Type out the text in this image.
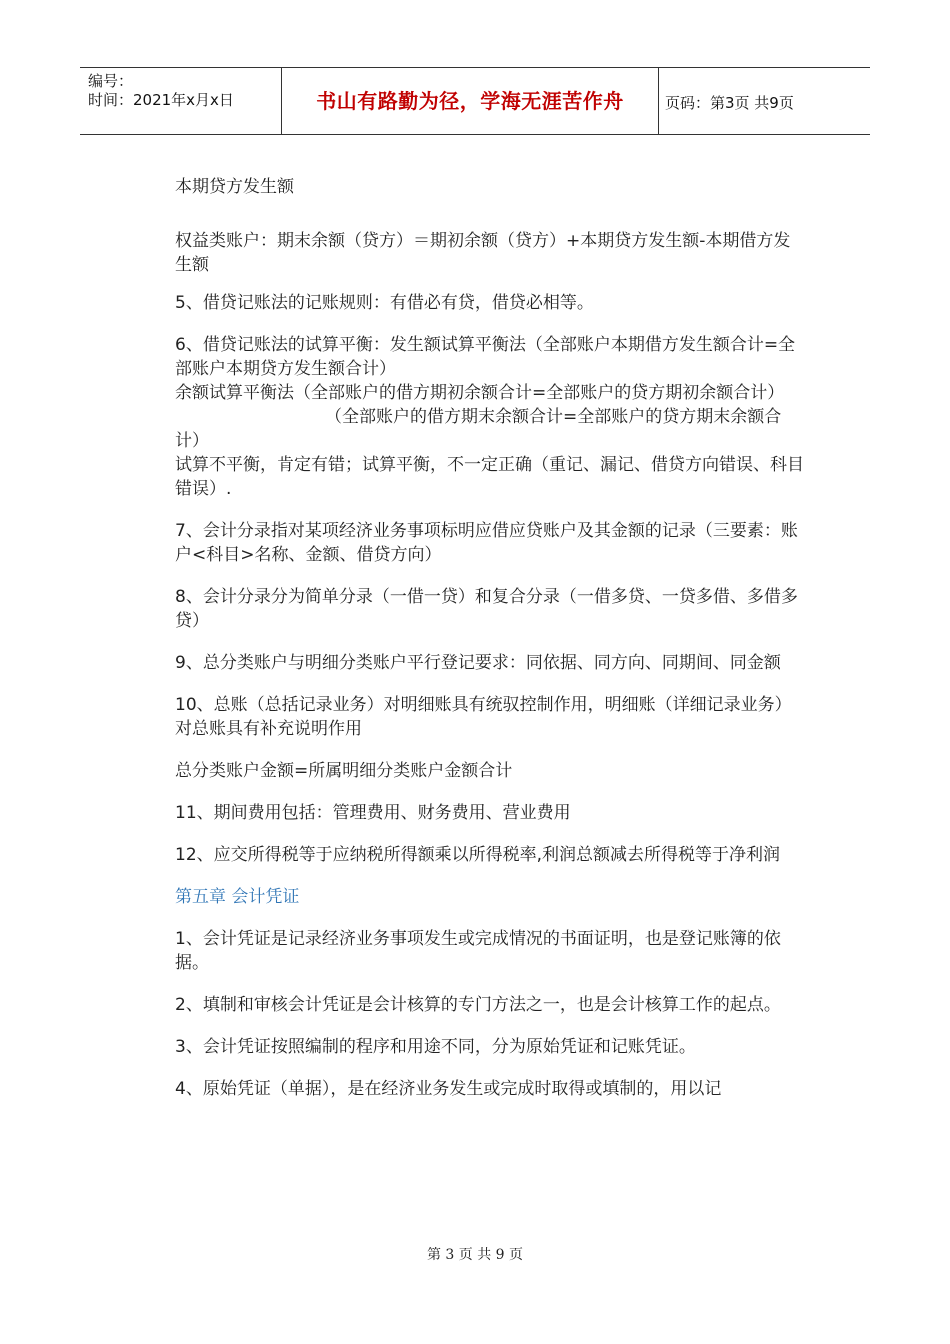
编号：
时间：2021年x月x日	书山有路勤为径，学海无涯苦作舟	页码：第3页 共9页

本期贷方发生额

权益类账户：期末余额（贷方）＝期初余额（贷方）+本期贷方发生额-本期借方发生额

5、借贷记账法的记账规则：有借必有贷，借贷必相等。

6、借贷记账法的试算平衡：发生额试算平衡法（全部账户本期借方发生额合计=全部账户本期贷方发生额合计）

余额试算平衡法（全部账户的借方期初余额合计=全部账户的贷方期初余额合计）

（全部账户的借方期末余额合计=全部账户的贷方期末余额合计）

试算不平衡，肯定有错；试算平衡，不一定正确（重记、漏记、借贷方向错误、科目错误）.

7、会计分录指对某项经济业务事项标明应借应贷账户及其金额的记录（三要素：账户<科目>名称、金额、借贷方向）

8、会计分录分为简单分录（一借一贷）和复合分录（一借多贷、一贷多借、多借多贷）

9、总分类账户与明细分类账户平行登记要求：同依据、同方向、同期间、同金额

10、总账（总括记录业务）对明细账具有统驭控制作用，明细账（详细记录业务）对总账具有补充说明作用

总分类账户金额=所属明细分类账户金额合计

11、期间费用包括：管理费用、财务费用、营业费用

12、应交所得税等于应纳税所得额乘以所得税率,利润总额减去所得税等于净利润

第五章 会计凭证

1、会计凭证是记录经济业务事项发生或完成情况的书面证明，也是登记账簿的依据。

2、填制和审核会计凭证是会计核算的专门方法之一，也是会计核算工作的起点。

3、会计凭证按照编制的程序和用途不同，分为原始凭证和记账凭证。

4、原始凭证（单据），是在经济业务发生或完成时取得或填制的，用以记

第 3 页 共 9 页
